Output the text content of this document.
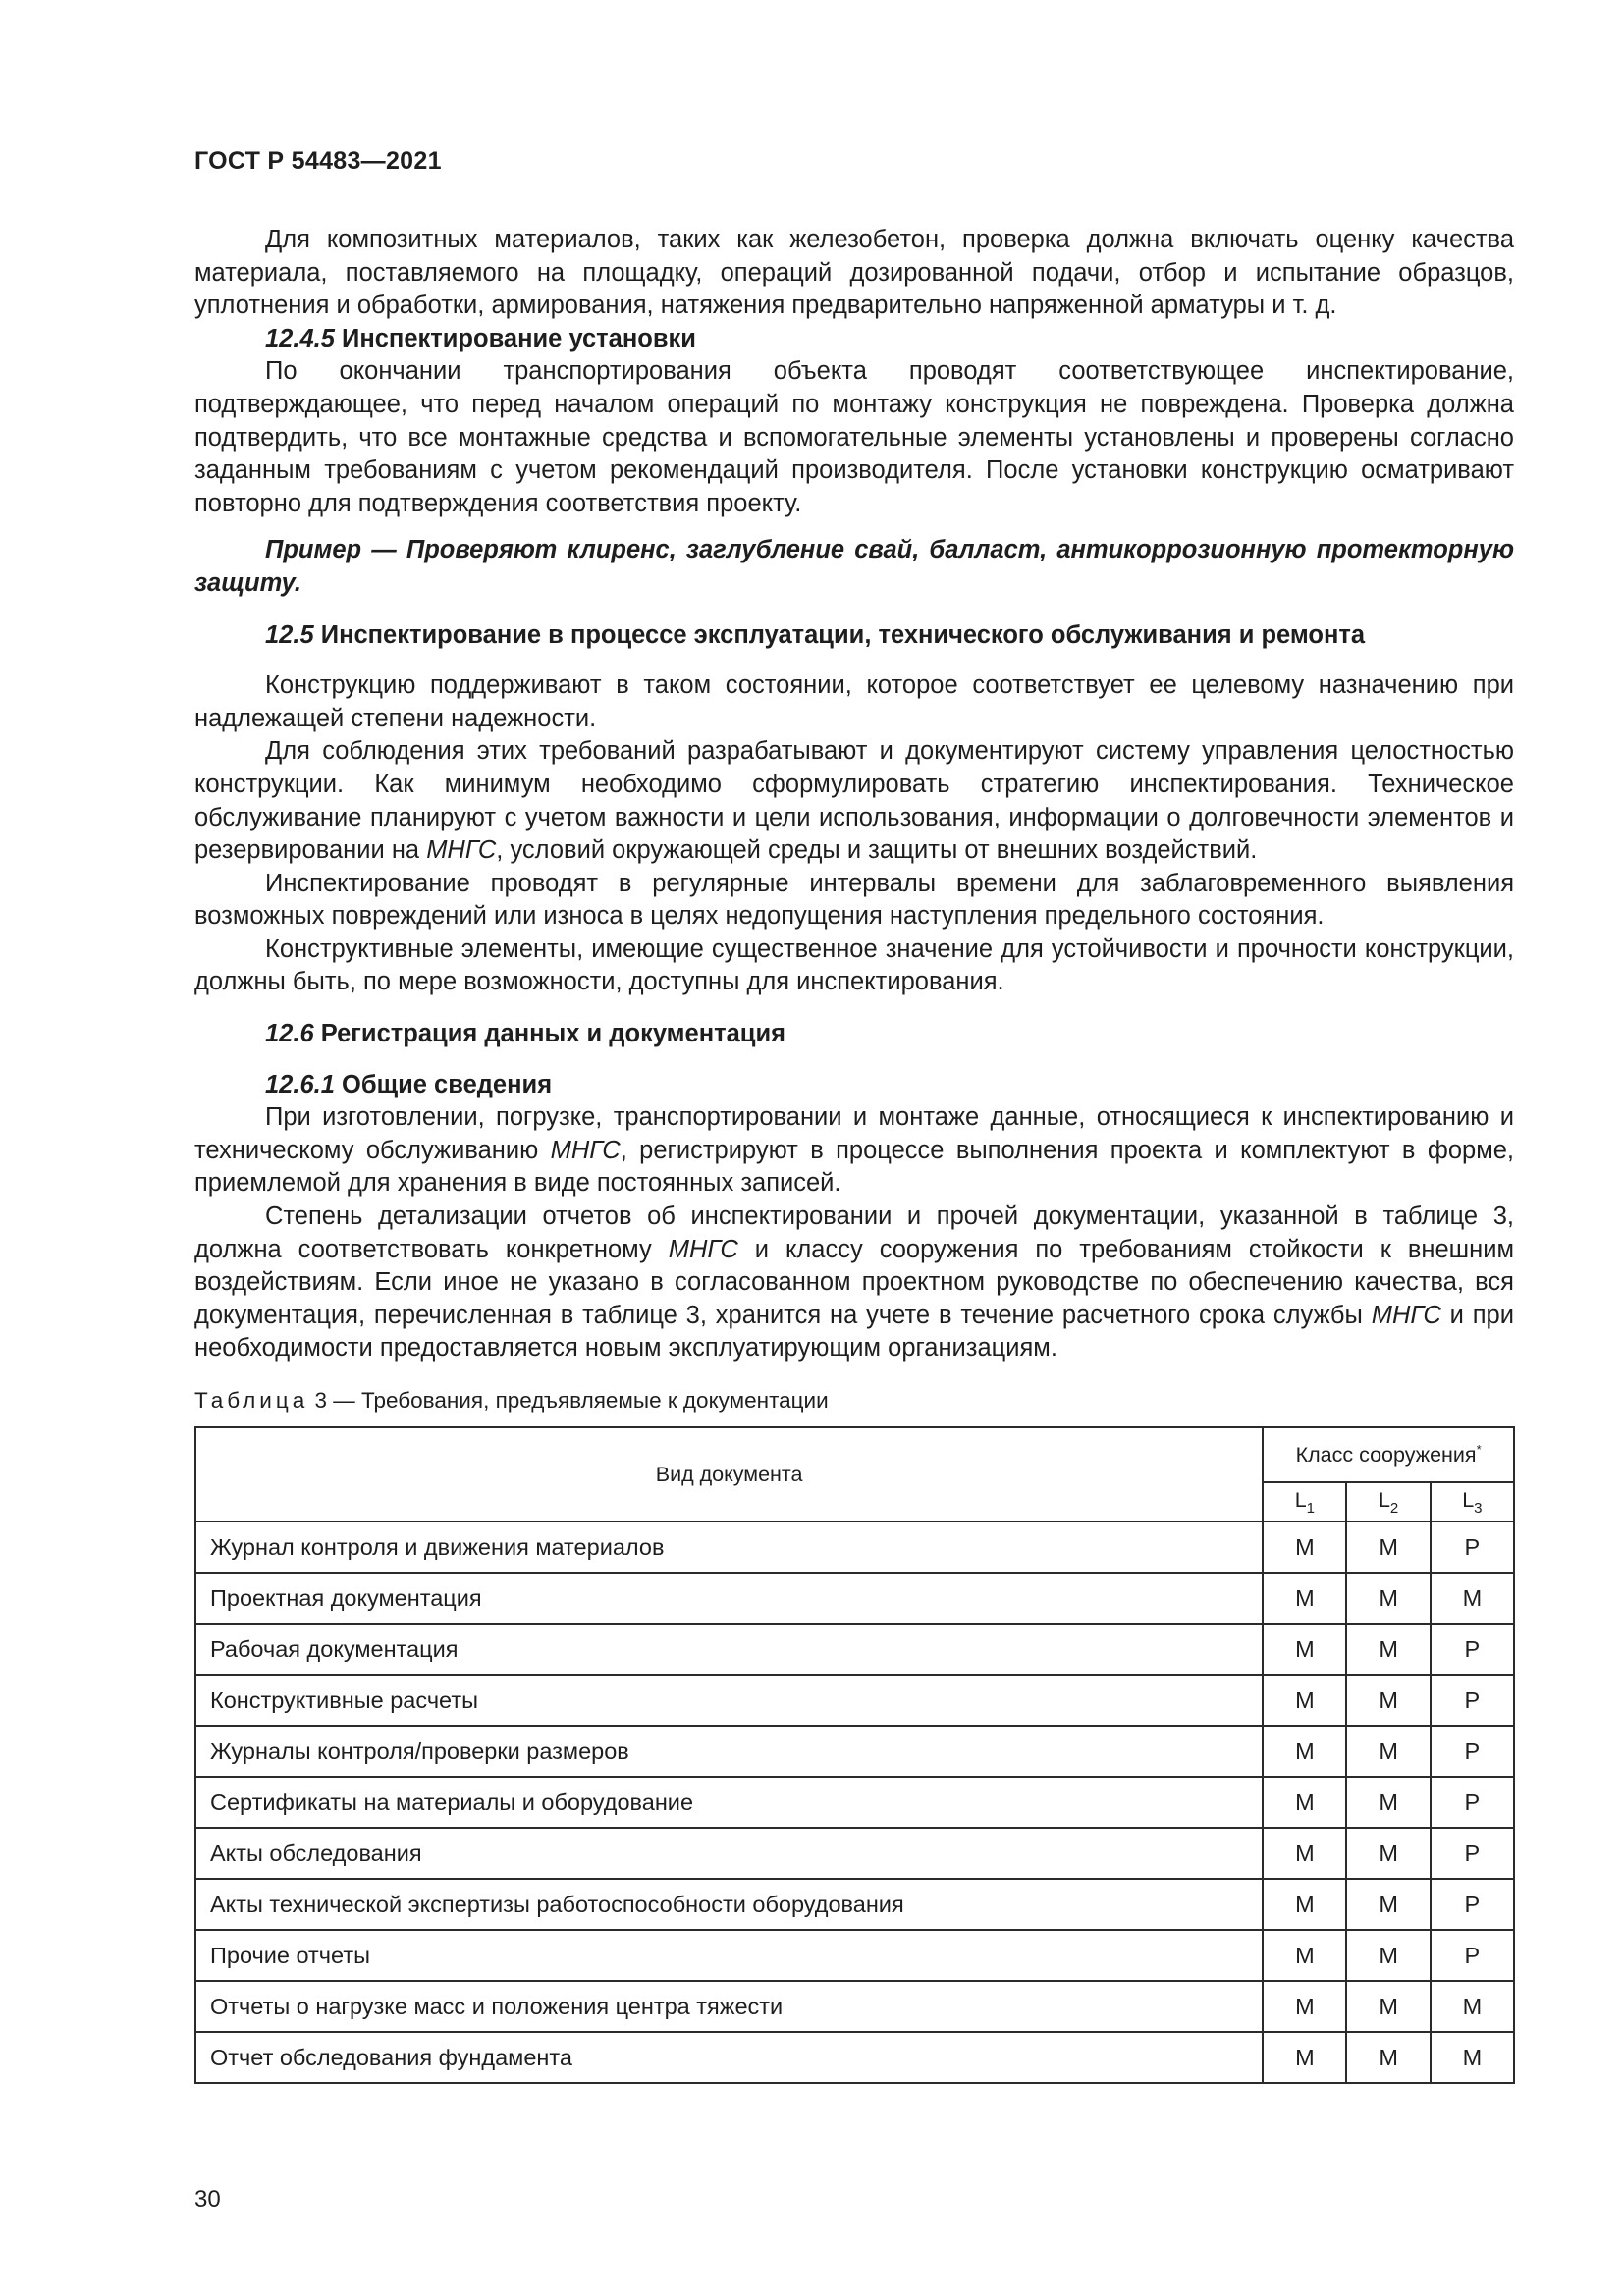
ГОСТ Р 54483—2021

Для композитных материалов, таких как железобетон, проверка должна включать оценку качества материала, поставляемого на площадку, операций дозированной подачи, отбор и испытание образцов, уплотнения и обработки, армирования, натяжения предварительно напряженной арматуры и т. д.

12.4.5 Инспектирование установки

По окончании транспортирования объекта проводят соответствующее инспектирование, подтверждающее, что перед началом операций по монтажу конструкция не повреждена. Проверка должна подтвердить, что все монтажные средства и вспомогательные элементы установлены и проверены согласно заданным требованиям с учетом рекомендаций производителя. После установки конструкцию осматривают повторно для подтверждения соответствия проекту.

Пример — Проверяют клиренс, заглубление свай, балласт, антикоррозионную протекторную защиту.

12.5 Инспектирование в процессе эксплуатации, технического обслуживания и ремонта

Конструкцию поддерживают в таком состоянии, которое соответствует ее целевому назначению при надлежащей степени надежности.

Для соблюдения этих требований разрабатывают и документируют систему управления целостностью конструкции. Как минимум необходимо сформулировать стратегию инспектирования. Техническое обслуживание планируют с учетом важности и цели использования, информации о долговечности элементов и резервировании на МНГС, условий окружающей среды и защиты от внешних воздействий.

Инспектирование проводят в регулярные интервалы времени для заблаговременного выявления возможных повреждений или износа в целях недопущения наступления предельного состояния.

Конструктивные элементы, имеющие существенное значение для устойчивости и прочности конструкции, должны быть, по мере возможности, доступны для инспектирования.

12.6 Регистрация данных и документация
12.6.1 Общие сведения

При изготовлении, погрузке, транспортировании и монтаже данные, относящиеся к инспектированию и техническому обслуживанию МНГС, регистрируют в процессе выполнения проекта и комплектуют в форме, приемлемой для хранения в виде постоянных записей.

Степень детализации отчетов об инспектировании и прочей документации, указанной в таблице 3, должна соответствовать конкретному МНГС и классу сооружения по требованиям стойкости к внешним воздействиям. Если иное не указано в согласованном проектном руководстве по обеспечению качества, вся документация, перечисленная в таблице 3, хранится на учете в течение расчетного срока службы МНГС и при необходимости предоставляется новым эксплуатирующим организациям.

Таблица 3 — Требования, предъявляемые к документации
Вид документа	Класс сооружения*
	$L_1$	$L_2$	$L_3$
Журнал контроля и движения материалов	M	M	P
Проектная документация	M	M	M
Рабочая документация	M	M	P
Конструктивные расчеты	M	M	P
Журналы контроля/проверки размеров	M	M	P
Сертификаты на материалы и оборудование	M	M	P
Акты обследования	M	M	P
Акты технической экспертизы работоспособности оборудования	M	M	P
Прочие отчеты	M	M	P
Отчеты о нагрузке масс и положения центра тяжести	M	M	M
Отчет обследования фундамента	M	M	M
30
